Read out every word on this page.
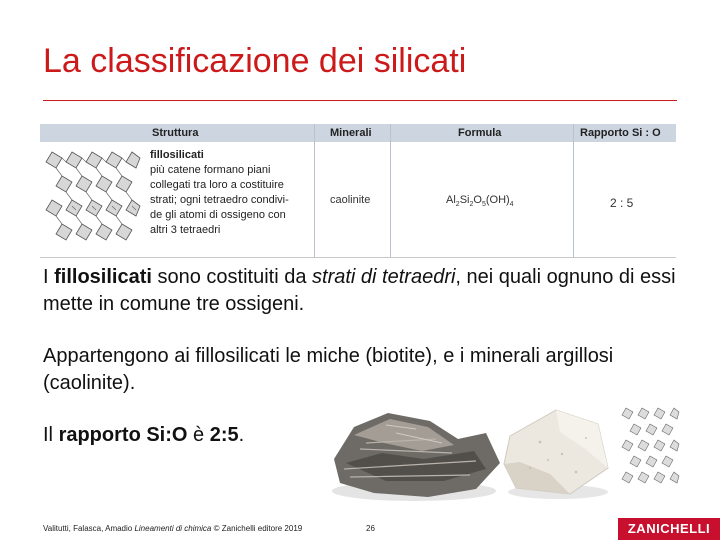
La classificazione dei silicati
Struttura	Minerali	Formula	Rapporto Si : O
fillosilicati
più catene formano piani
collegati tra loro a costituire
strati; ogni tetraedro condivi-
de gli atomi di ossigeno con
altri 3 tetraedri
caolinite	$Al_2Si_2O_5(OH)_4$	2 : 5
I fillosilicati sono costituiti da strati di tetraedri, nei quali ognuno di essi mette in comune tre ossigeni.
Appartengono ai fillosilicati le miche (biotite), e i minerali argillosi (caolinite).
Il rapporto Si:O è 2:5.
Valitutti, Falasca, Amadio Lineamenti di chimica © Zanichelli editore 2019	26	ZANICHELLI
